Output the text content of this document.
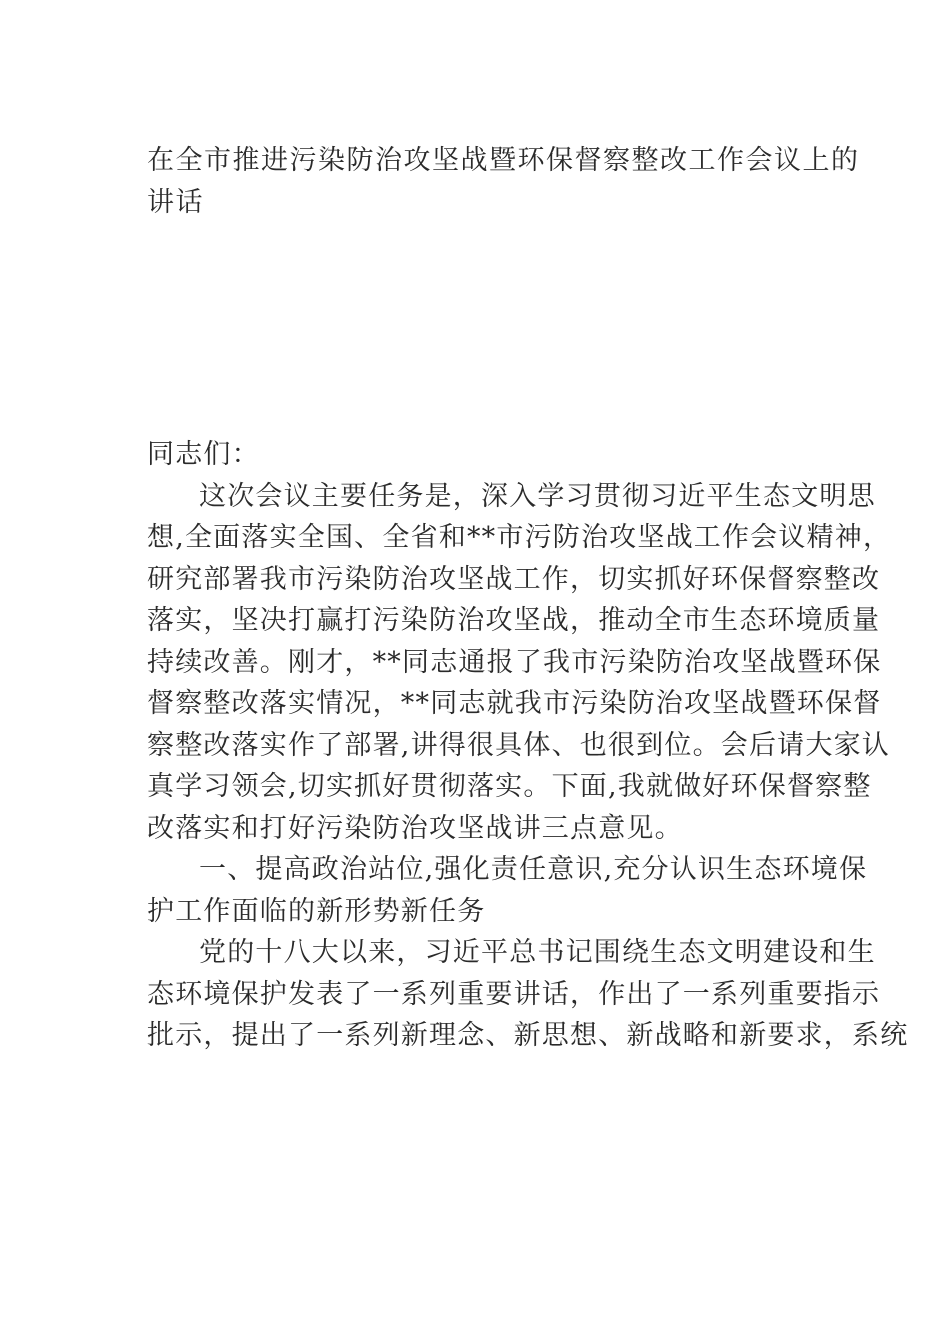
在全市推进污染防治攻坚战暨环保督察整改工作会议上的
讲话
同志们：
这次会议主要任务是，深入学习贯彻习近平生态文明思
想,全面落实全国、全省和**市污防治攻坚战工作会议精神，
研究部署我市污染防治攻坚战工作，切实抓好环保督察整改
落实，坚决打赢打污染防治攻坚战，推动全市生态环境质量
持续改善。刚才，**同志通报了我市污染防治攻坚战暨环保
督察整改落实情况，**同志就我市污染防治攻坚战暨环保督
察整改落实作了部署,讲得很具体、也很到位。会后请大家认
真学习领会,切实抓好贯彻落实。下面,我就做好环保督察整
改落实和打好污染防治攻坚战讲三点意见。
一、提高政治站位,强化责任意识,充分认识生态环境保
护工作面临的新形势新任务
党的十八大以来，习近平总书记围绕生态文明建设和生
态环境保护发表了一系列重要讲话，作出了一系列重要指示
批示，提出了一系列新理念、新思想、新战略和新要求，系统
